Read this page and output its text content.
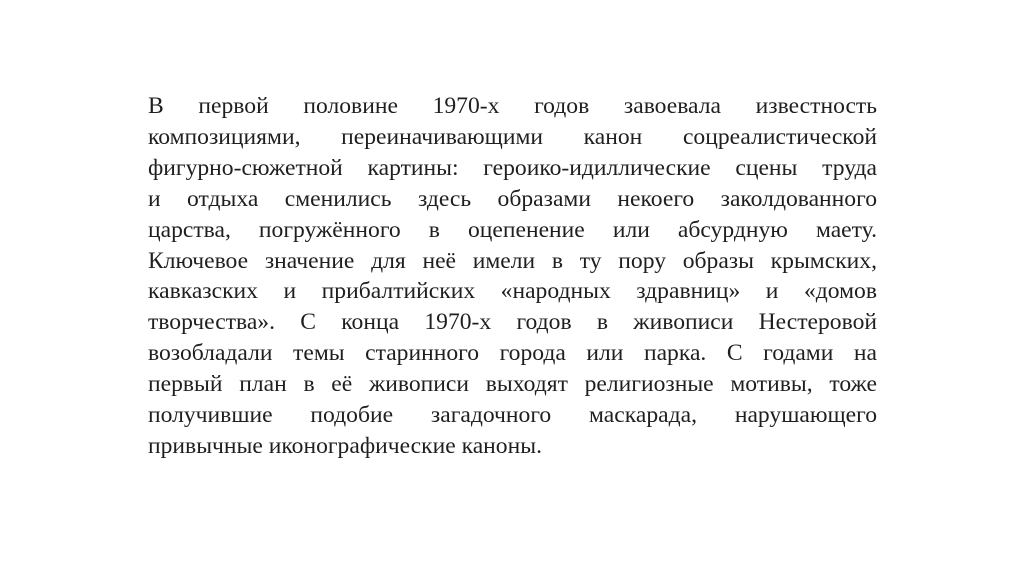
В первой половине 1970-х годов завоевала известность
композициями, переиначивающими канон соцреалистической
фигурно-сюжетной картины: героико-идиллические сцены труда
и отдыха сменились здесь образами некоего заколдованного
царства, погружённого в оцепенение или абсурдную маету.
Ключевое значение для неё имели в ту пору образы крымских,
кавказских и прибалтийских «народных здравниц» и «домов
творчества». С конца 1970-х годов в живописи Нестеровой
возобладали темы старинного города или парка. С годами на
первый план в её живописи выходят религиозные мотивы, тоже
получившие подобие загадочного маскарада, нарушающего
привычные иконографические каноны.
